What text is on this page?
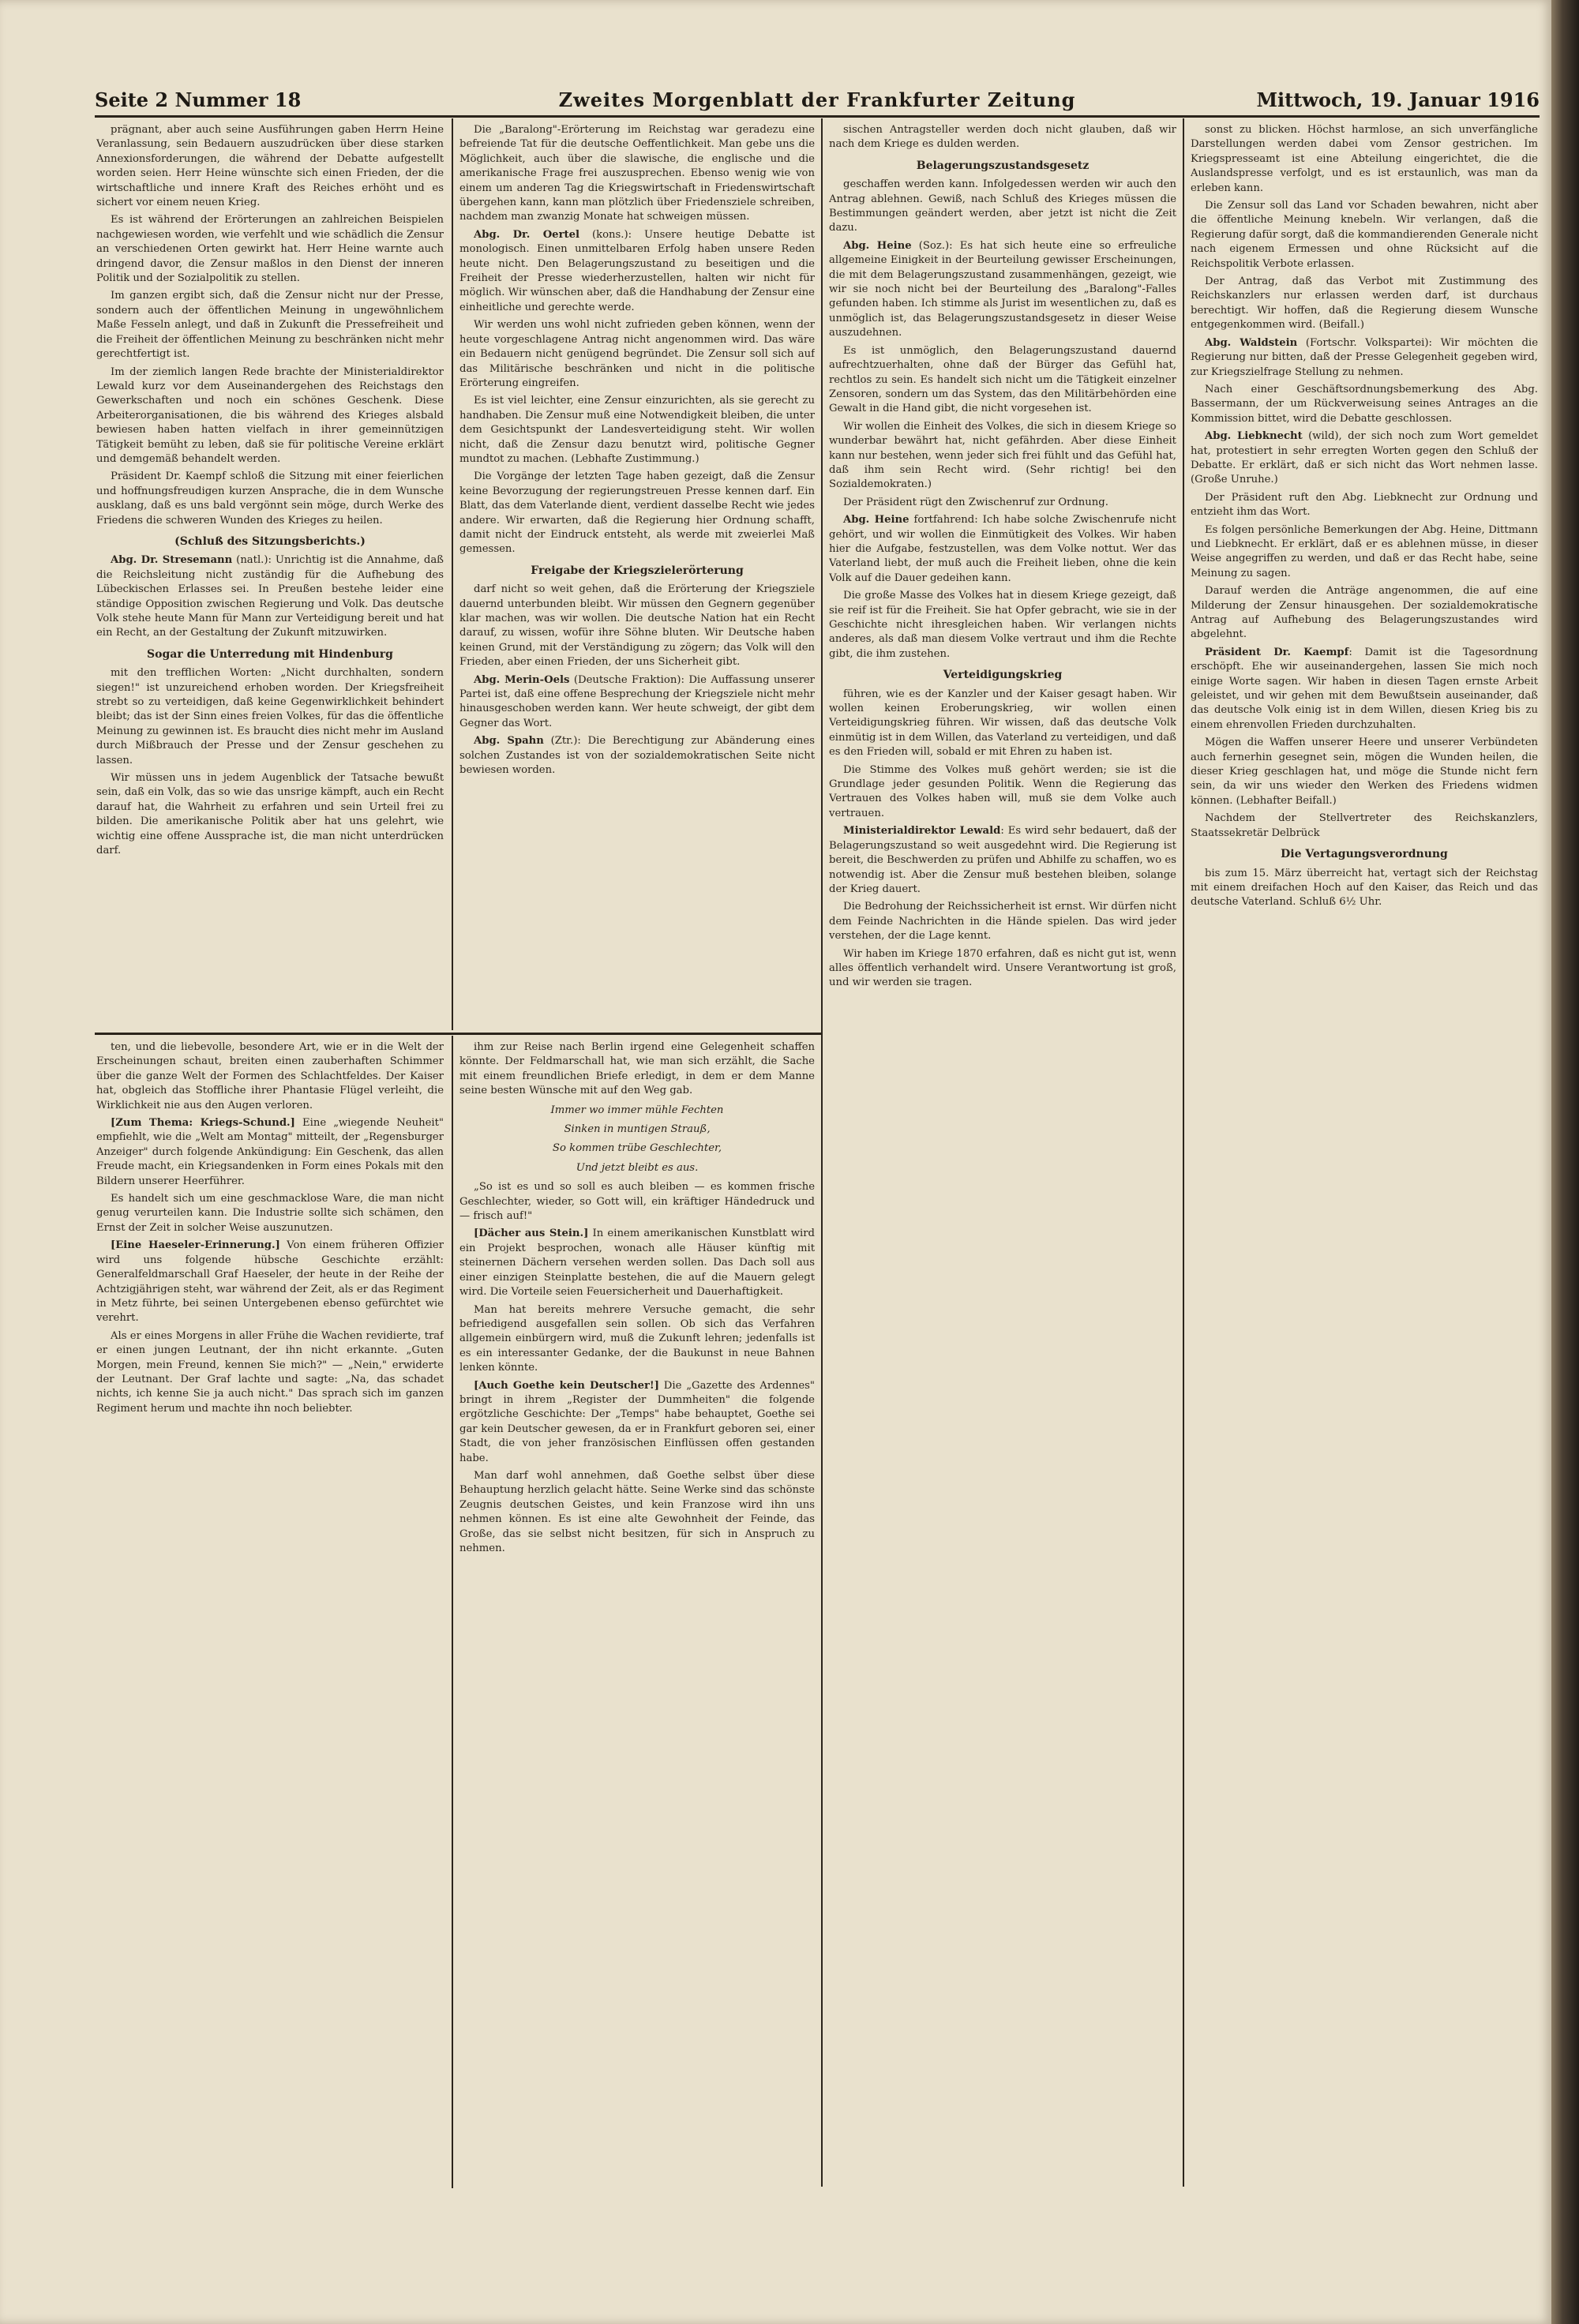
Seite 2 Nummer 18	Zweites Morgenblatt der Frankfurter Zeitung	Mittwoch, 19. Januar 1916

prägnant, aber auch seine Ausführungen gaben Herrn Heine Veranlassung, sein Bedauern auszudrücken über diese starken Annexionsforderungen, die während der Debatte aufgestellt worden seien. Herr Heine wünschte sich einen Frieden, der die wirtschaftliche und innere Kraft des Reiches erhöht und es sichert vor einem neuen Krieg.

Es ist während der Erörterungen an zahlreichen Beispielen nachgewiesen worden, wie verfehlt und wie schädlich die Zensur an verschiedenen Orten gewirkt hat. Herr Heine warnte auch dringend davor, die Zensur maßlos in den Dienst der inneren Politik und der Sozialpolitik zu stellen.

Im ganzen ergibt sich, daß die Zensur nicht nur der Presse, sondern auch der öffentlichen Meinung in ungewöhnlichem Maße Fesseln anlegt, und daß in Zukunft die Pressefreiheit und die Freiheit der öffentlichen Meinung zu beschränken nicht mehr gerechtfertigt ist.

Im der ziemlich langen Rede brachte der Ministerialdirektor Lewald kurz vor dem Auseinandergehen des Reichstags den Gewerkschaften und noch ein schönes Geschenk. Diese Arbeiterorganisationen, die bis während des Krieges alsbald bewiesen haben hatten vielfach in ihrer gemeinnützigen Tätigkeit bemüht zu leben, daß sie für politische Vereine erklärt und demgemäß behandelt werden.

Präsident Dr. Kaempf schloß die Sitzung mit einer feierlichen und hoffnungsfreudigen kurzen Ansprache, die in dem Wunsche ausklang, daß es uns bald vergönnt sein möge, durch Werke des Friedens die schweren Wunden des Krieges zu heilen.

(Schluß des Sitzungsberichts.)

Abg. Dr. Stresemann (natl.): Unrichtig ist die Annahme, daß die Reichsleitung nicht zuständig für die Aufhebung des Lübeckischen Erlasses sei. In Preußen bestehe leider eine ständige Opposition zwischen Regierung und Volk. Das deutsche Volk stehe heute Mann für Mann zur Verteidigung bereit und hat ein Recht, an der Gestaltung der Zukunft mitzuwirken.

Sogar die Unterredung mit Hindenburg

mit den trefflichen Worten: „Nicht durchhalten, sondern siegen!" ist unzureichend erhoben worden. Der Kriegsfreiheit strebt so zu verteidigen, daß keine Gegenwirklichkeit behindert bleibt; das ist der Sinn eines freien Volkes, für das die öffentliche Meinung zu gewinnen ist. Es braucht dies nicht mehr im Ausland durch Mißbrauch der Presse und der Zensur geschehen zu lassen.

Wir müssen uns in jedem Augenblick der Tatsache bewußt sein, daß ein Volk, das so wie das unsrige kämpft, auch ein Recht darauf hat, die Wahrheit zu erfahren und sein Urteil frei zu bilden. Die amerikanische Politik aber hat uns gelehrt, wie wichtig eine offene Aussprache ist, die man nicht unterdrücken darf.

Die „Baralong"-Erörterung im Reichstag war geradezu eine befreiende Tat für die deutsche Oeffentlichkeit. Man gebe uns die Möglichkeit, auch über die slawische, die englische und die amerikanische Frage frei auszusprechen. Ebenso wenig wie von einem um anderen Tag die Kriegswirtschaft in Friedenswirtschaft übergehen kann, kann man plötzlich über Friedensziele schreiben, nachdem man zwanzig Monate hat schweigen müssen.

Abg. Dr. Oertel (kons.): Unsere heutige Debatte ist monologisch. Einen unmittelbaren Erfolg haben unsere Reden heute nicht. Den Belagerungszustand zu beseitigen und die Freiheit der Presse wiederherzustellen, halten wir nicht für möglich. Wir wünschen aber, daß die Handhabung der Zensur eine einheitliche und gerechte werde.

Wir werden uns wohl nicht zufrieden geben können, wenn der heute vorgeschlagene Antrag nicht angenommen wird. Das wäre ein Bedauern nicht genügend begründet. Die Zensur soll sich auf das Militärische beschränken und nicht in die politische Erörterung eingreifen.

Es ist viel leichter, eine Zensur einzurichten, als sie gerecht zu handhaben. Die Zensur muß eine Notwendigkeit bleiben, die unter dem Gesichtspunkt der Landesverteidigung steht. Wir wollen nicht, daß die Zensur dazu benutzt wird, politische Gegner mundtot zu machen. (Lebhafte Zustimmung.)

Die Vorgänge der letzten Tage haben gezeigt, daß die Zensur keine Bevorzugung der regierungstreuen Presse kennen darf. Ein Blatt, das dem Vaterlande dient, verdient dasselbe Recht wie jedes andere. Wir erwarten, daß die Regierung hier Ordnung schafft, damit nicht der Eindruck entsteht, als werde mit zweierlei Maß gemessen.

Freigabe der Kriegszielerörterung

darf nicht so weit gehen, daß die Erörterung der Kriegsziele dauernd unterbunden bleibt. Wir müssen den Gegnern gegenüber klar machen, was wir wollen. Die deutsche Nation hat ein Recht darauf, zu wissen, wofür ihre Söhne bluten. Wir Deutsche haben keinen Grund, mit der Verständigung zu zögern; das Volk will den Frieden, aber einen Frieden, der uns Sicherheit gibt.

Abg. Merin-Oels (Deutsche Fraktion): Die Auffassung unserer Partei ist, daß eine offene Besprechung der Kriegsziele nicht mehr hinausgeschoben werden kann. Wer heute schweigt, der gibt dem Gegner das Wort.

Abg. Spahn (Ztr.): Die Berechtigung zur Abänderung eines solchen Zustandes ist von der sozialdemokratischen Seite nicht bewiesen worden.

sischen Antragsteller werden doch nicht glauben, daß wir nach dem Kriege es dulden werden.

Belagerungszustandsgesetz

geschaffen werden kann. Infolgedessen werden wir auch den Antrag ablehnen. Gewiß, nach Schluß des Krieges müssen die Bestimmungen geändert werden, aber jetzt ist nicht die Zeit dazu.

Abg. Heine (Soz.): Es hat sich heute eine so erfreuliche allgemeine Einigkeit in der Beurteilung gewisser Erscheinungen, die mit dem Belagerungszustand zusammenhängen, gezeigt, wie wir sie noch nicht bei der Beurteilung des „Baralong"-Falles gefunden haben. Ich stimme als Jurist im wesentlichen zu, daß es unmöglich ist, das Belagerungszustandsgesetz in dieser Weise auszudehnen.

Es ist unmöglich, den Belagerungszustand dauernd aufrechtzuerhalten, ohne daß der Bürger das Gefühl hat, rechtlos zu sein. Es handelt sich nicht um die Tätigkeit einzelner Zensoren, sondern um das System, das den Militärbehörden eine Gewalt in die Hand gibt, die nicht vorgesehen ist.

Wir wollen die Einheit des Volkes, die sich in diesem Kriege so wunderbar bewährt hat, nicht gefährden. Aber diese Einheit kann nur bestehen, wenn jeder sich frei fühlt und das Gefühl hat, daß ihm sein Recht wird. (Sehr richtig! bei den Sozialdemokraten.)

Der Präsident rügt den Zwischenruf zur Ordnung.

Abg. Heine fortfahrend: Ich habe solche Zwischenrufe nicht gehört, und wir wollen die Einmütigkeit des Volkes. Wir haben hier die Aufgabe, festzustellen, was dem Volke nottut. Wer das Vaterland liebt, der muß auch die Freiheit lieben, ohne die kein Volk auf die Dauer gedeihen kann.

Die große Masse des Volkes hat in diesem Kriege gezeigt, daß sie reif ist für die Freiheit. Sie hat Opfer gebracht, wie sie in der Geschichte nicht ihresgleichen haben. Wir verlangen nichts anderes, als daß man diesem Volke vertraut und ihm die Rechte gibt, die ihm zustehen.

Verteidigungskrieg

führen, wie es der Kanzler und der Kaiser gesagt haben. Wir wollen keinen Eroberungskrieg, wir wollen einen Verteidigungskrieg führen. Wir wissen, daß das deutsche Volk einmütig ist in dem Willen, das Vaterland zu verteidigen, und daß es den Frieden will, sobald er mit Ehren zu haben ist.

Die Stimme des Volkes muß gehört werden; sie ist die Grundlage jeder gesunden Politik. Wenn die Regierung das Vertrauen des Volkes haben will, muß sie dem Volke auch vertrauen.

Ministerialdirektor Lewald: Es wird sehr bedauert, daß der Belagerungszustand so weit ausgedehnt wird. Die Regierung ist bereit, die Beschwerden zu prüfen und Abhilfe zu schaffen, wo es notwendig ist. Aber die Zensur muß bestehen bleiben, solange der Krieg dauert.

Die Bedrohung der Reichssicherheit ist ernst. Wir dürfen nicht dem Feinde Nachrichten in die Hände spielen. Das wird jeder verstehen, der die Lage kennt.

Wir haben im Kriege 1870 erfahren, daß es nicht gut ist, wenn alles öffentlich verhandelt wird. Unsere Verantwortung ist groß, und wir werden sie tragen.

sonst zu blicken. Höchst harmlose, an sich unverfängliche Darstellungen werden dabei vom Zensor gestrichen. Im Kriegspresseamt ist eine Abteilung eingerichtet, die die Auslandspresse verfolgt, und es ist erstaunlich, was man da erleben kann.

Die Zensur soll das Land vor Schaden bewahren, nicht aber die öffentliche Meinung knebeln. Wir verlangen, daß die Regierung dafür sorgt, daß die kommandierenden Generale nicht nach eigenem Ermessen und ohne Rücksicht auf die Reichspolitik Verbote erlassen.

Der Antrag, daß das Verbot mit Zustimmung des Reichskanzlers nur erlassen werden darf, ist durchaus berechtigt. Wir hoffen, daß die Regierung diesem Wunsche entgegenkommen wird. (Beifall.)

Abg. Waldstein (Fortschr. Volkspartei): Wir möchten die Regierung nur bitten, daß der Presse Gelegenheit gegeben wird, zur Kriegszielfrage Stellung zu nehmen.

Nach einer Geschäftsordnungsbemerkung des Abg. Bassermann, der um Rückverweisung seines Antrages an die Kommission bittet, wird die Debatte geschlossen.

Abg. Liebknecht (wild), der sich noch zum Wort gemeldet hat, protestiert in sehr erregten Worten gegen den Schluß der Debatte. Er erklärt, daß er sich nicht das Wort nehmen lasse. (Große Unruhe.)

Der Präsident ruft den Abg. Liebknecht zur Ordnung und entzieht ihm das Wort.

Es folgen persönliche Bemerkungen der Abg. Heine, Dittmann und Liebknecht. Er erklärt, daß er es ablehnen müsse, in dieser Weise angegriffen zu werden, und daß er das Recht habe, seine Meinung zu sagen.

Darauf werden die Anträge angenommen, die auf eine Milderung der Zensur hinausgehen. Der sozialdemokratische Antrag auf Aufhebung des Belagerungszustandes wird abgelehnt.

Präsident Dr. Kaempf: Damit ist die Tagesordnung erschöpft. Ehe wir auseinandergehen, lassen Sie mich noch einige Worte sagen. Wir haben in diesen Tagen ernste Arbeit geleistet, und wir gehen mit dem Bewußtsein auseinander, daß das deutsche Volk einig ist in dem Willen, diesen Krieg bis zu einem ehrenvollen Frieden durchzuhalten.

Mögen die Waffen unserer Heere und unserer Verbündeten auch fernerhin gesegnet sein, mögen die Wunden heilen, die dieser Krieg geschlagen hat, und möge die Stunde nicht fern sein, da wir uns wieder den Werken des Friedens widmen können. (Lebhafter Beifall.)

Nachdem der Stellvertreter des Reichskanzlers, Staatssekretär Delbrück

Die Vertagungsverordnung

bis zum 15. März überreicht hat, vertagt sich der Reichstag mit einem dreifachen Hoch auf den Kaiser, das Reich und das deutsche Vaterland. Schluß 6½ Uhr.

ten, und die liebevolle, besondere Art, wie er in die Welt der Erscheinungen schaut, breiten einen zauberhaften Schimmer über die ganze Welt der Formen des Schlachtfeldes. Der Kaiser hat, obgleich das Stoffliche ihrer Phantasie Flügel verleiht, die Wirklichkeit nie aus den Augen verloren.

[Zum Thema: Kriegs-Schund.] Eine „wiegende Neuheit" empfiehlt, wie die „Welt am Montag" mitteilt, der „Regensburger Anzeiger" durch folgende Ankündigung: Ein Geschenk, das allen Freude macht, ein Kriegsandenken in Form eines Pokals mit den Bildern unserer Heerführer.

Es handelt sich um eine geschmacklose Ware, die man nicht genug verurteilen kann. Die Industrie sollte sich schämen, den Ernst der Zeit in solcher Weise auszunutzen.

[Eine Haeseler-Erinnerung.] Von einem früheren Offizier wird uns folgende hübsche Geschichte erzählt: Generalfeldmarschall Graf Haeseler, der heute in der Reihe der Achtzigjährigen steht, war während der Zeit, als er das Regiment in Metz führte, bei seinen Untergebenen ebenso gefürchtet wie verehrt.

Als er eines Morgens in aller Frühe die Wachen revidierte, traf er einen jungen Leutnant, der ihn nicht erkannte. „Guten Morgen, mein Freund, kennen Sie mich?" — „Nein," erwiderte der Leutnant. Der Graf lachte und sagte: „Na, das schadet nichts, ich kenne Sie ja auch nicht." Das sprach sich im ganzen Regiment herum und machte ihn noch beliebter.

ihm zur Reise nach Berlin irgend eine Gelegenheit schaffen könnte. Der Feldmarschall hat, wie man sich erzählt, die Sache mit einem freundlichen Briefe erledigt, in dem er dem Manne seine besten Wünsche mit auf den Weg gab.

Immer wo immer mühle Fechten

Sinken in muntigen Strauß,

So kommen trübe Geschlechter,

Und jetzt bleibt es aus.

„So ist es und so soll es auch bleiben — es kommen frische Geschlechter, wieder, so Gott will, ein kräftiger Händedruck und — frisch auf!"

[Dächer aus Stein.] In einem amerikanischen Kunstblatt wird ein Projekt besprochen, wonach alle Häuser künftig mit steinernen Dächern versehen werden sollen. Das Dach soll aus einer einzigen Steinplatte bestehen, die auf die Mauern gelegt wird. Die Vorteile seien Feuersicherheit und Dauerhaftigkeit.

Man hat bereits mehrere Versuche gemacht, die sehr befriedigend ausgefallen sein sollen. Ob sich das Verfahren allgemein einbürgern wird, muß die Zukunft lehren; jedenfalls ist es ein interessanter Gedanke, der die Baukunst in neue Bahnen lenken könnte.

[Auch Goethe kein Deutscher!] Die „Gazette des Ardennes" bringt in ihrem „Register der Dummheiten" die folgende ergötzliche Geschichte: Der „Temps" habe behauptet, Goethe sei gar kein Deutscher gewesen, da er in Frankfurt geboren sei, einer Stadt, die von jeher französischen Einflüssen offen gestanden habe.

Man darf wohl annehmen, daß Goethe selbst über diese Behauptung herzlich gelacht hätte. Seine Werke sind das schönste Zeugnis deutschen Geistes, und kein Franzose wird ihn uns nehmen können. Es ist eine alte Gewohnheit der Feinde, das Große, das sie selbst nicht besitzen, für sich in Anspruch zu nehmen.
